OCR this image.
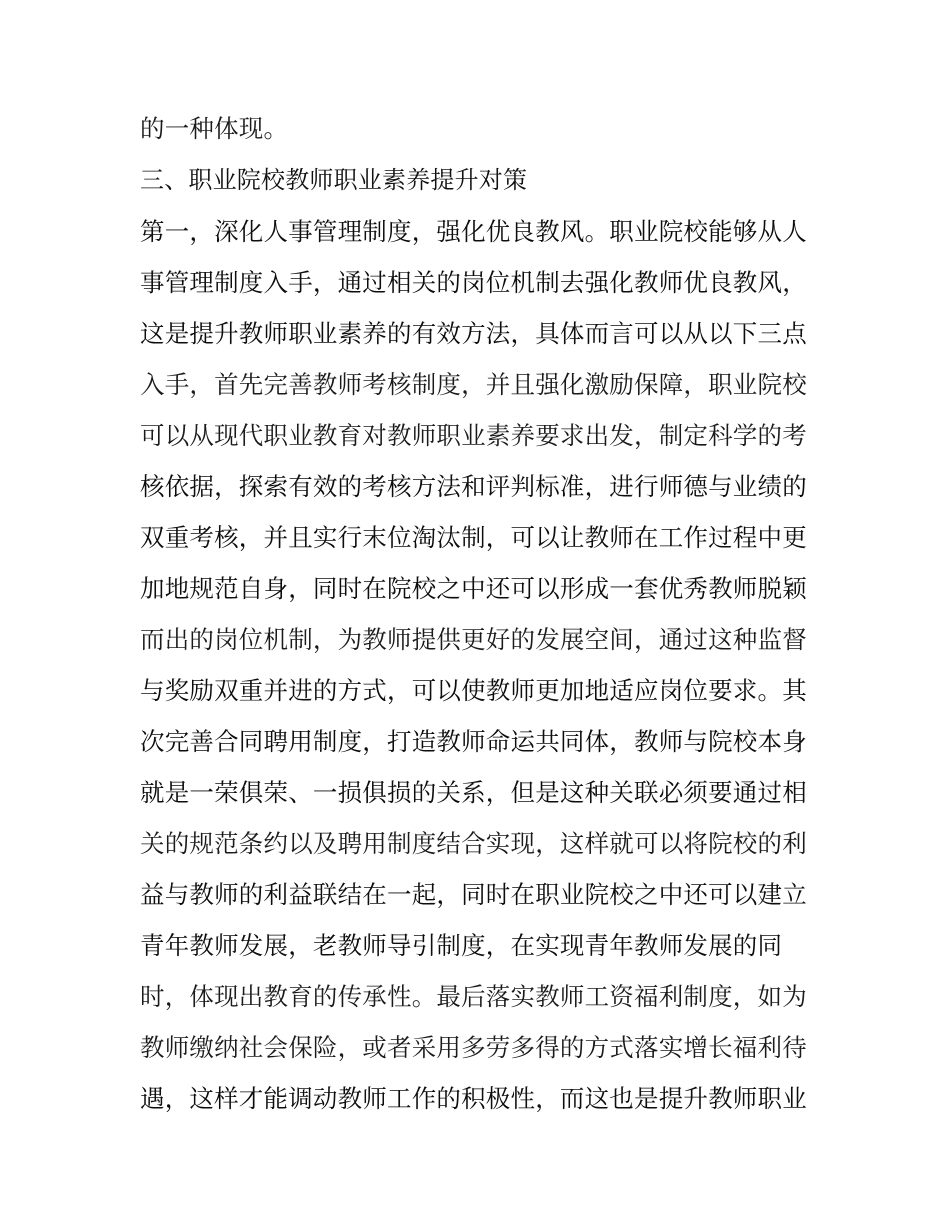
的一种体现。
三、职业院校教师职业素养提升对策
第一，深化人事管理制度，强化优良教风。职业院校能够从人
事管理制度入手，通过相关的岗位机制去强化教师优良教风，
这是提升教师职业素养的有效方法，具体而言可以从以下三点
入手，首先完善教师考核制度，并且强化激励保障，职业院校
可以从现代职业教育对教师职业素养要求出发，制定科学的考
核依据，探索有效的考核方法和评判标准，进行师德与业绩的
双重考核，并且实行末位淘汰制，可以让教师在工作过程中更
加地规范自身，同时在院校之中还可以形成一套优秀教师脱颖
而出的岗位机制，为教师提供更好的发展空间，通过这种监督
与奖励双重并进的方式，可以使教师更加地适应岗位要求。其
次完善合同聘用制度，打造教师命运共同体，教师与院校本身
就是一荣俱荣、一损俱损的关系，但是这种关联必须要通过相
关的规范条约以及聘用制度结合实现，这样就可以将院校的利
益与教师的利益联结在一起，同时在职业院校之中还可以建立
青年教师发展，老教师导引制度，在实现青年教师发展的同
时，体现出教育的传承性。最后落实教师工资福利制度，如为
教师缴纳社会保险，或者采用多劳多得的方式落实增长福利待
遇，这样才能调动教师工作的积极性，而这也是提升教师职业
